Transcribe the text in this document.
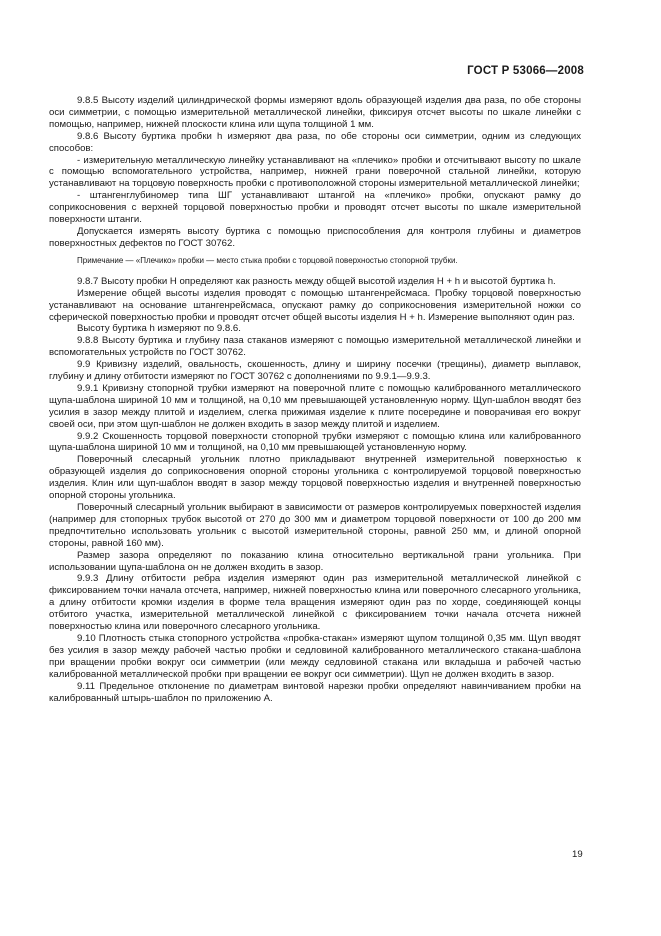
ГОСТ Р 53066—2008

9.8.5 Высоту изделий цилиндрической формы измеряют вдоль образующей изделия два раза, по обе стороны оси симметрии, с помощью измерительной металлической линейки, фиксируя отсчет высоты по шкале линейки с помощью, например, нижней плоскости клина или щупа толщиной 1 мм.

9.8.6 Высоту буртика пробки h измеряют два раза, по обе стороны оси симметрии, одним из следующих способов:

- измерительную металлическую линейку устанавливают на «плечико» пробки и отсчитывают высоту по шкале с помощью вспомогательного устройства, например, нижней грани поверочной стальной линейки, которую устанавливают на торцовую поверхность пробки с противоположной стороны измерительной металлической линейки;

- штангенглубиномер типа ШГ устанавливают штангой на «плечико» пробки, опускают рамку до соприкосновения с верхней торцовой поверхностью пробки и проводят отсчет высоты по шкале измерительной поверхности штанги.

Допускается измерять высоту буртика с помощью приспособления для контроля глубины и диаметров поверхностных дефектов по ГОСТ 30762.

Примечание — «Плечико» пробки — место стыка пробки с торцовой поверхностью стопорной трубки.

9.8.7 Высоту пробки H определяют как разность между общей высотой изделия H + h и высотой буртика h.

Измерение общей высоты изделия проводят с помощью штангенрейсмаса. Пробку торцовой поверхностью устанавливают на основание штангенрейсмаса, опускают рамку до соприкосновения измерительной ножки со сферической поверхностью пробки и проводят отсчет общей высоты изделия H + h. Измерение выполняют один раз.

Высоту буртика h измеряют по 9.8.6.

9.8.8 Высоту буртика и глубину паза стаканов измеряют с помощью измерительной металлической линейки и вспомогательных устройств по ГОСТ 30762.

9.9 Кривизну изделий, овальность, скошенность, длину и ширину посечки (трещины), диаметр выплавок, глубину и длину отбитости измеряют по ГОСТ 30762 с дополнениями по 9.9.1—9.9.3.

9.9.1 Кривизну стопорной трубки измеряют на поверочной плите с помощью калиброванного металлического щупа-шаблона шириной 10 мм и толщиной, на 0,10 мм превышающей установленную норму. Щуп-шаблон вводят без усилия в зазор между плитой и изделием, слегка прижимая изделие к плите посередине и поворачивая его вокруг своей оси, при этом щуп-шаблон не должен входить в зазор между плитой и изделием.

9.9.2 Скошенность торцовой поверхности стопорной трубки измеряют с помощью клина или калиброванного щупа-шаблона шириной 10 мм и толщиной, на 0,10 мм превышающей установленную норму.

Поверочный слесарный угольник плотно прикладывают внутренней измерительной поверхностью к образующей изделия до соприкосновения опорной стороны угольника с контролируемой торцовой поверхностью изделия. Клин или щуп-шаблон вводят в зазор между торцовой поверхностью изделия и внутренней поверхностью опорной стороны угольника.

Поверочный слесарный угольник выбирают в зависимости от размеров контролируемых поверхностей изделия (например для стопорных трубок высотой от 270 до 300 мм и диаметром торцовой поверхности от 100 до 200 мм предпочтительно использовать угольник с высотой измерительной стороны, равной 250 мм, и длиной опорной стороны, равной 160 мм).

Размер зазора определяют по показанию клина относительно вертикальной грани угольника. При использовании щупа-шаблона он не должен входить в зазор.

9.9.3 Длину отбитости ребра изделия измеряют один раз измерительной металлической линейкой с фиксированием точки начала отсчета, например, нижней поверхностью клина или поверочного слесарного угольника, а длину отбитости кромки изделия в форме тела вращения измеряют один раз по хорде, соединяющей концы отбитого участка, измерительной металлической линейкой с фиксированием точки начала отсчета нижней поверхностью клина или поверочного слесарного угольника.

9.10 Плотность стыка стопорного устройства «пробка-стакан» измеряют щупом толщиной 0,35 мм. Щуп вводят без усилия в зазор между рабочей частью пробки и седловиной калиброванного металлического стакана-шаблона при вращении пробки вокруг оси симметрии (или между седловиной стакана или вкладыша и рабочей частью калиброванной металлической пробки при вращении ее вокруг оси симметрии). Щуп не должен входить в зазор.

9.11 Предельное отклонение по диаметрам винтовой нарезки пробки определяют навинчиванием пробки на калиброванный штырь-шаблон по приложению А.

19
